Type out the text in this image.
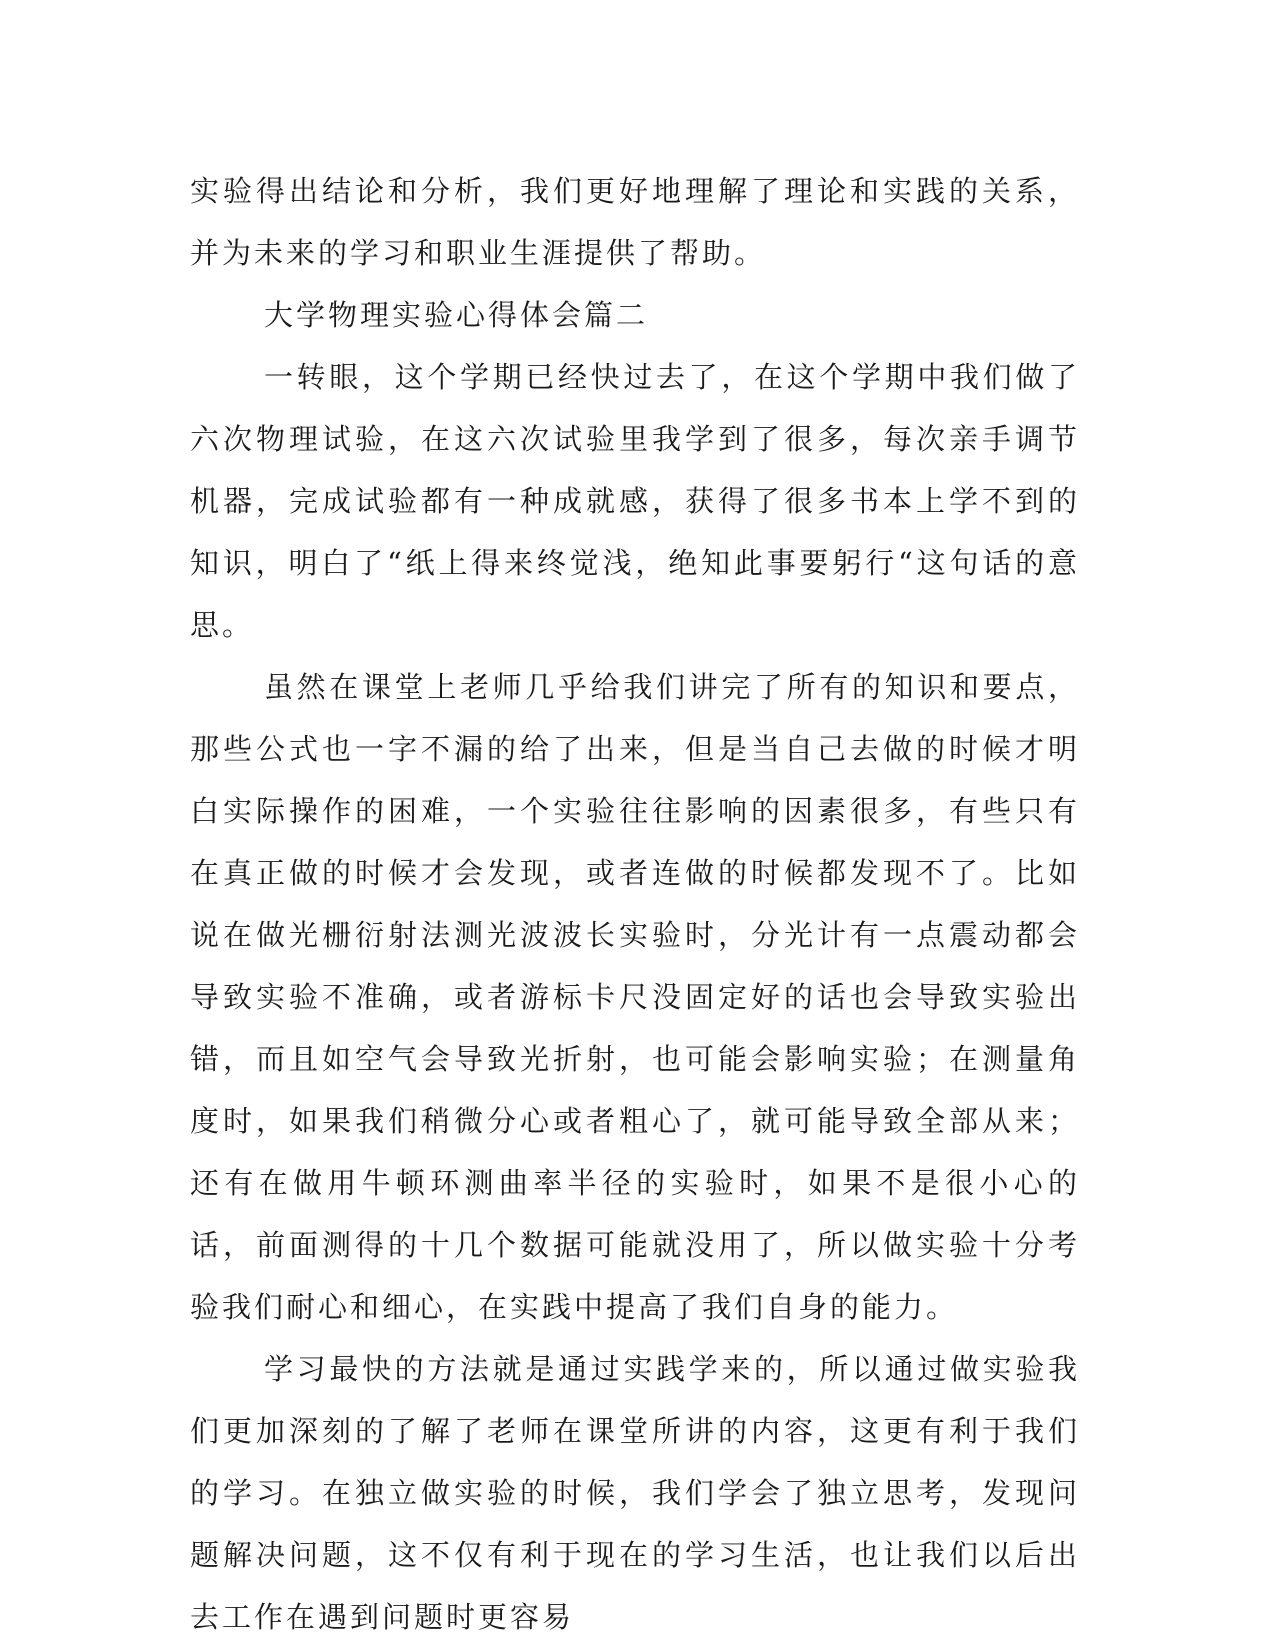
实验得出结论和分析，我们更好地理解了理论和实践的关系，并为未来的学习和职业生涯提供了帮助。

大学物理实验心得体会篇二

一转眼，这个学期已经快过去了，在这个学期中我们做了六次物理试验，在这六次试验里我学到了很多，每次亲手调节机器，完成试验都有一种成就感，获得了很多书本上学不到的知识，明白了“纸上得来终觉浅，绝知此事要躬行“这句话的意思。

虽然在课堂上老师几乎给我们讲完了所有的知识和要点，那些公式也一字不漏的给了出来，但是当自己去做的时候才明白实际操作的困难，一个实验往往影响的因素很多，有些只有在真正做的时候才会发现，或者连做的时候都发现不了。比如说在做光栅衍射法测光波波长实验时，分光计有一点震动都会导致实验不准确，或者游标卡尺没固定好的话也会导致实验出错，而且如空气会导致光折射，也可能会影响实验；在测量角度时，如果我们稍微分心或者粗心了，就可能导致全部从来；还有在做用牛顿环测曲率半径的实验时，如果不是很小心的话，前面测得的十几个数据可能就没用了，所以做实验十分考验我们耐心和细心，在实践中提高了我们自身的能力。

学习最快的方法就是通过实践学来的，所以通过做实验我们更加深刻的了解了老师在课堂所讲的内容，这更有利于我们的学习。在独立做实验的时候，我们学会了独立思考，发现问题解决问题，这不仅有利于现在的学习生活，也让我们以后出去工作在遇到问题时更容易
